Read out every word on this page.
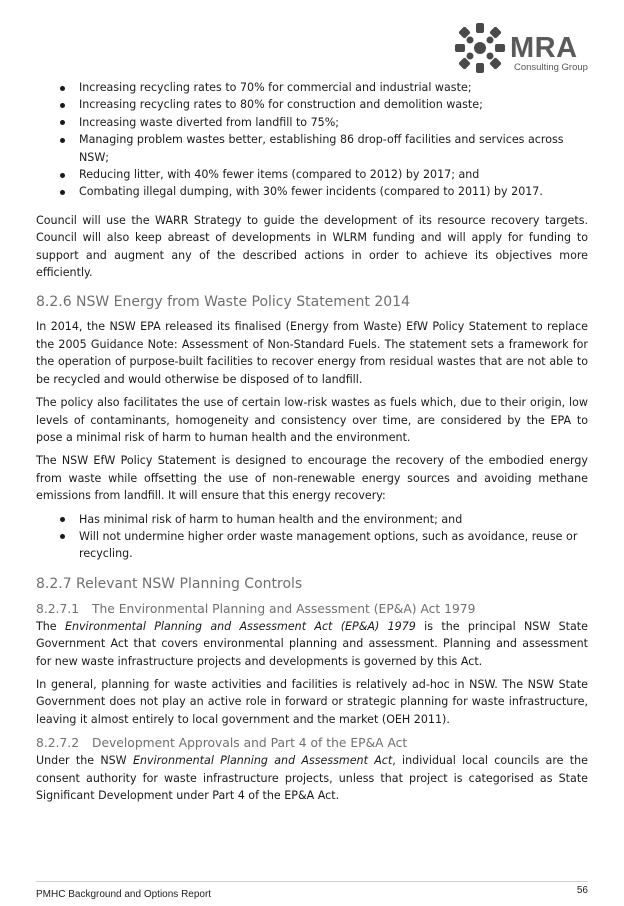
MRA
Consulting Group
Increasing recycling rates to 70% for commercial and industrial waste;
Increasing recycling rates to 80% for construction and demolition waste;
Increasing waste diverted from landfill to 75%;
Managing problem wastes better, establishing 86 drop-off facilities and services across NSW;
Reducing litter, with 40% fewer items (compared to 2012) by 2017; and
Combating illegal dumping, with 30% fewer incidents (compared to 2011) by 2017.

Council will use the WARR Strategy to guide the development of its resource recovery targets. Council will also keep abreast of developments in WLRM funding and will apply for funding to support and augment any of the described actions in order to achieve its objectives more efficiently.

8.2.6 NSW Energy from Waste Policy Statement 2014

In 2014, the NSW EPA released its finalised (Energy from Waste) EfW Policy Statement to replace the 2005 Guidance Note: Assessment of Non-Standard Fuels. The statement sets a framework for the operation of purpose-built facilities to recover energy from residual wastes that are not able to be recycled and would otherwise be disposed of to landfill.

The policy also facilitates the use of certain low-risk wastes as fuels which, due to their origin, low levels of contaminants, homogeneity and consistency over time, are considered by the EPA to pose a minimal risk of harm to human health and the environment.

The NSW EfW Policy Statement is designed to encourage the recovery of the embodied energy from waste while offsetting the use of non-renewable energy sources and avoiding methane emissions from landfill. It will ensure that this energy recovery:

Has minimal risk of harm to human health and the environment; and
Will not undermine higher order waste management options, such as avoidance, reuse or recycling.
8.2.7 Relevant NSW Planning Controls
8.2.7.1 The Environmental Planning and Assessment (EP&A) Act 1979

The Environmental Planning and Assessment Act (EP&A) 1979 is the principal NSW State Government Act that covers environmental planning and assessment. Planning and assessment for new waste infrastructure projects and developments is governed by this Act.

In general, planning for waste activities and facilities is relatively ad-hoc in NSW. The NSW State Government does not play an active role in forward or strategic planning for waste infrastructure, leaving it almost entirely to local government and the market (OEH 2011).

8.2.7.2 Development Approvals and Part 4 of the EP&A Act

Under the NSW Environmental Planning and Assessment Act, individual local councils are the consent authority for waste infrastructure projects, unless that project is categorised as State Significant Development under Part 4 of the EP&A Act.

PMHC Background and Options Report	56
